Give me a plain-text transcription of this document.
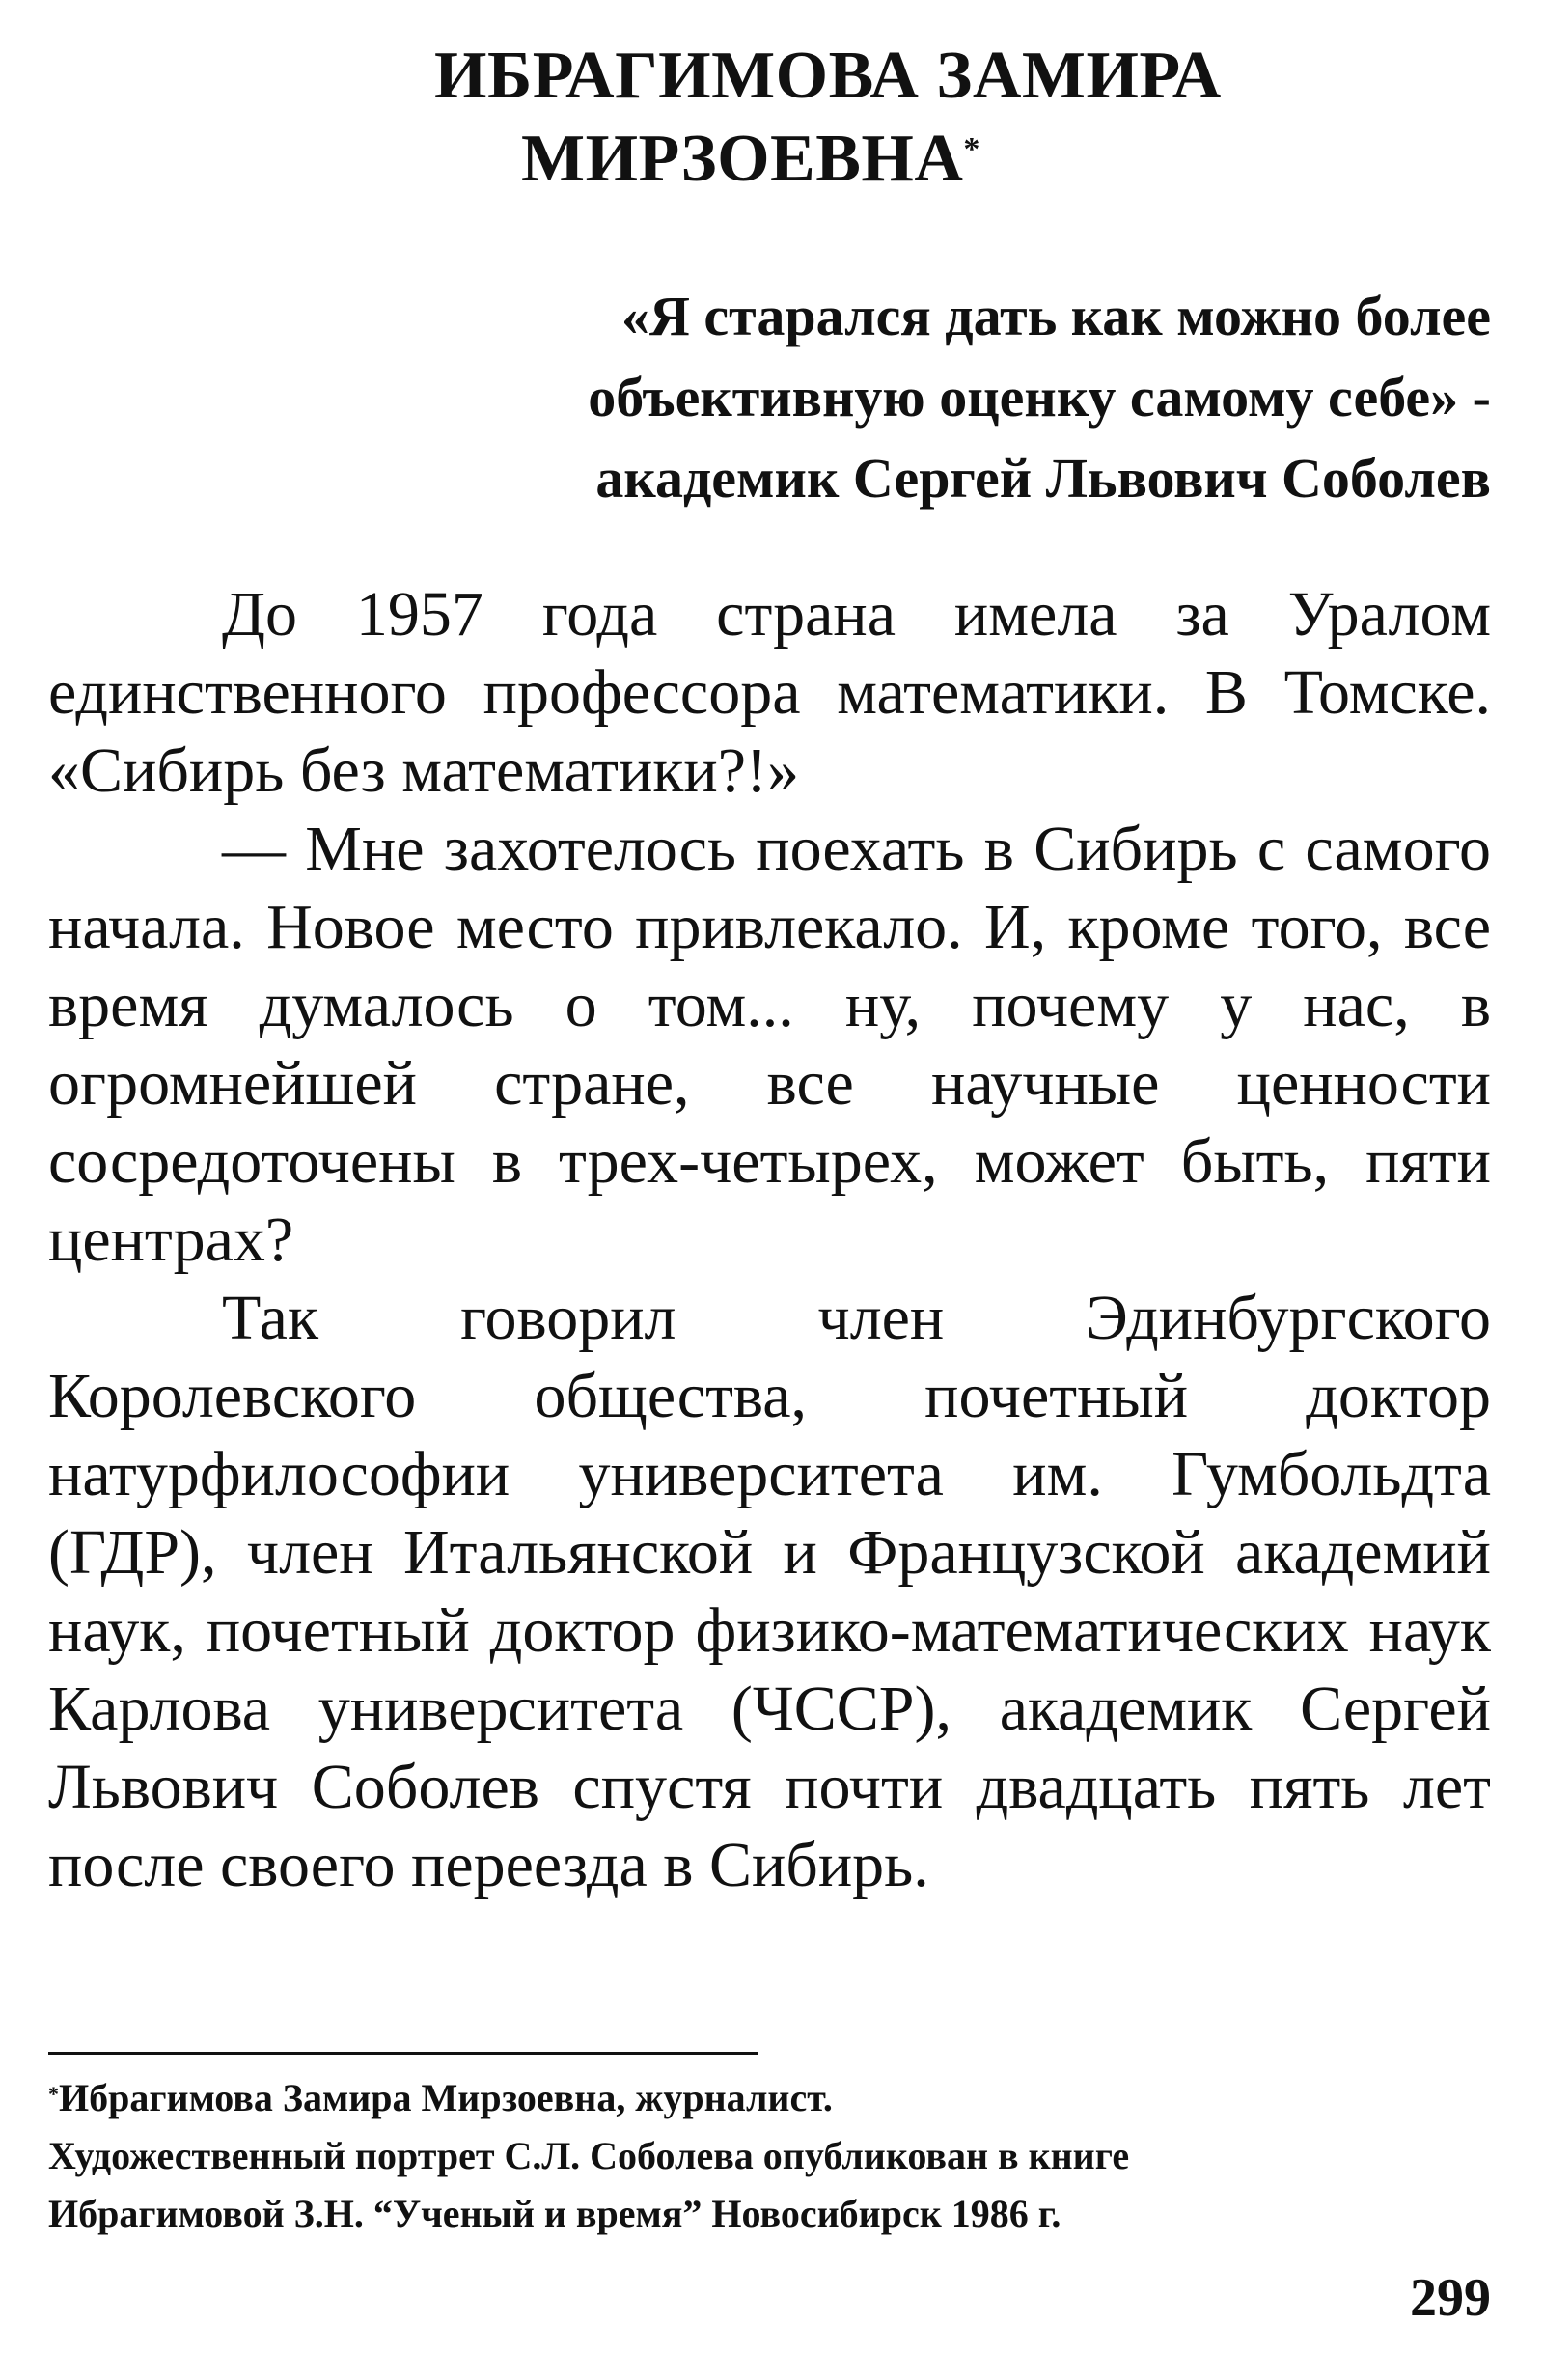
ИБРАГИМОВА ЗАМИРА
МИРЗОЕВНА*
«Я старался дать как можно более
объективную оценку самому себе» -
академик Сергей Львович Соболев

До 1957 года страна имела за Уралом единственного профессора математики. В Томске. «Сибирь без математики?!»

— Мне захотелось поехать в Сибирь с самого начала. Новое место привлекало. И, кроме того, все время думалось о том... ну, почему у нас, в огромнейшей стране, все научные ценности сосредоточены в трех-четырех, может быть, пяти центрах?

Так говорил член Эдинбургского Королевского общества, почетный доктор натурфилософии университета им. Гумбольдта (ГДР), член Итальянской и Французской академий наук, почетный доктор физико-математических наук Карлова университета (ЧССР), академик Сергей Львович Соболев спустя почти двадцать пять лет после своего переезда в Сибирь.

*Ибрагимова Замира Мирзоевна, журналист.
Художественный портрет С.Л. Соболева опубликован в книге
Ибрагимовой З.Н. “Ученый и время” Новосибирск 1986 г.
299
